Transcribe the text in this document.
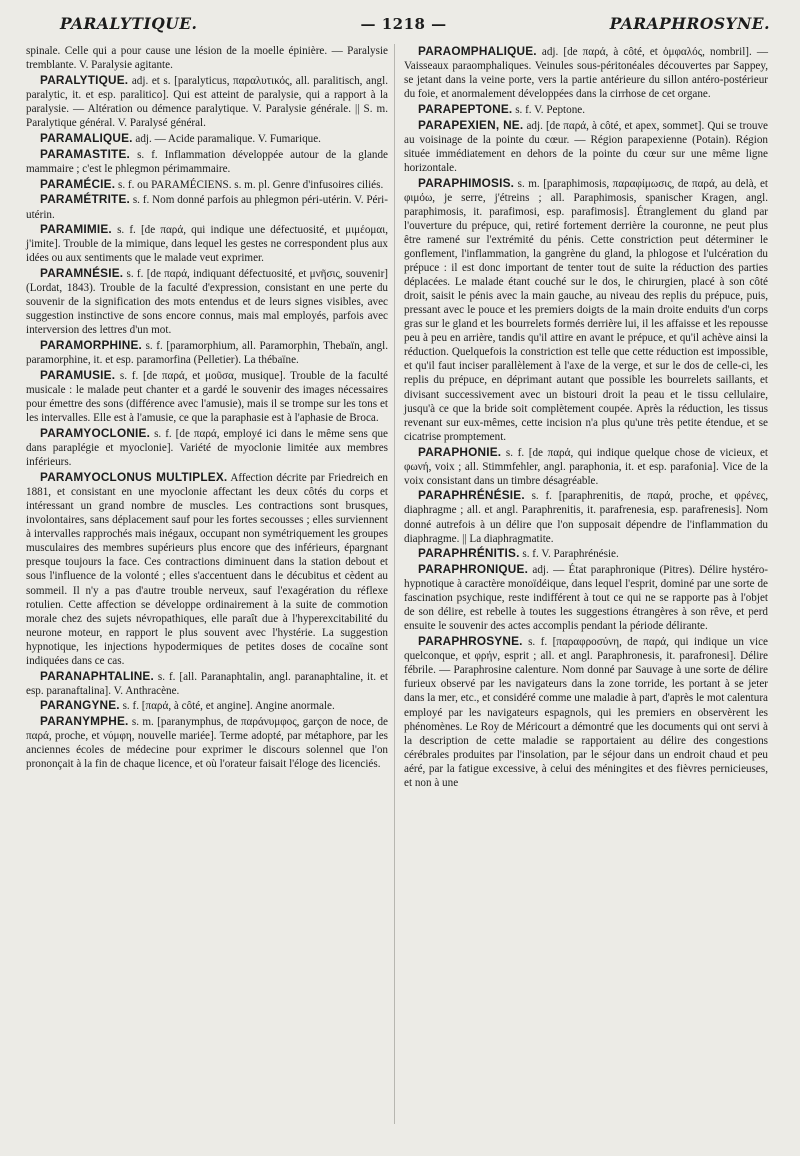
PARALYTIQUE.	— 1218 —	PARAPHROSYNE.

spinale. Celle qui a pour cause une lésion de la moelle épinière. — Paralysie tremblante. V. Paralysie agitante.

PARALYTIQUE. adj. et s. [paralyticus, παραλυτικός, all. paralitisch, angl. paralytic, it. et esp. paralitico]. Qui est atteint de paralysie, qui a rapport à la paralysie. — Altération ou démence paralytique. V. Paralysie générale. || S. m. Paralytique général. V. Paralysé général.

PARAMALIQUE. adj. — Acide paramalique. V. Fumarique.

PARAMASTITE. s. f. Inflammation développée autour de la glande mammaire ; c'est le phlegmon périmammaire.

PARAMÉCIE. s. f. ou PARAMÉCIENS. s. m. pl. Genre d'infusoires ciliés.

PARAMÉTRITE. s. f. Nom donné parfois au phlegmon péri-utérin. V. Péri-utérin.

PARAMIMIE. s. f. [de παρά, qui indique une défectuosité, et μιμέομαι, j'imite]. Trouble de la mimique, dans lequel les gestes ne correspondent plus aux idées ou aux sentiments que le malade veut exprimer.

PARAMNÉSIE. s. f. [de παρά, indiquant défectuosité, et μνῆσις, souvenir] (Lordat, 1843). Trouble de la faculté d'expression, consistant en une perte du souvenir de la signification des mots entendus et de leurs signes visibles, avec suggestion instinctive de sons encore connus, mais mal employés, parfois avec interversion des lettres d'un mot.

PARAMORPHINE. s. f. [paramorphium, all. Paramorphin, Thebaïn, angl. paramorphine, it. et esp. paramorfina (Pelletier). La thébaïne.

PARAMUSIE. s. f. [de παρά, et μοῦσα, musique]. Trouble de la faculté musicale : le malade peut chanter et a gardé le souvenir des images nécessaires pour émettre des sons (différence avec l'amusie), mais il se trompe sur les tons et les intervalles. Elle est à l'amusie, ce que la paraphasie est à l'aphasie de Broca.

PARAMYOCLONIE. s. f. [de παρά, employé ici dans le même sens que dans paraplégie et myoclonie]. Variété de myoclonie limitée aux membres inférieurs.

PARAMYOCLONUS MULTIPLEX. Affection décrite par Friedreich en 1881, et consistant en une myoclonie affectant les deux côtés du corps et intéressant un grand nombre de muscles. Les contractions sont brusques, involontaires, sans déplacement sauf pour les fortes secousses ; elles surviennent à intervalles rapprochés mais inégaux, occupant non symétriquement les groupes musculaires des membres supérieurs plus encore que des inférieurs, épargnant presque toujours la face. Ces contractions diminuent dans la station debout et sous l'influence de la volonté ; elles s'accentuent dans le décubitus et cèdent au sommeil. Il n'y a pas d'autre trouble nerveux, sauf l'exagération du réflexe rotulien. Cette affection se développe ordinairement à la suite de commotion morale chez des sujets névropathiques, elle paraît due à l'hyperexcitabilité du neurone moteur, en rapport le plus souvent avec l'hystérie. La suggestion hypnotique, les injections hypodermiques de petites doses de cocaïne sont indiquées dans ce cas.

PARANAPHTALINE. s. f. [all. Paranaphtalin, angl. paranaphtaline, it. et esp. paranaftalina]. V. Anthracène.

PARANGYNE. s. f. [παρά, à côté, et angine]. Angine anormale.

PARANYMPHE. s. m. [paranymphus, de παράνυμφος, garçon de noce, de παρά, proche, et νύμφη, nouvelle mariée]. Terme adopté, par métaphore, par les anciennes écoles de médecine pour exprimer le discours solennel que l'on prononçait à la fin de chaque licence, et où l'orateur faisait l'éloge des licenciés.

PARAOMPHALIQUE. adj. [de παρά, à côté, et ὀμφαλός, nombril]. — Vaisseaux paraomphaliques. Veinules sous-péritonéales découvertes par Sappey, se jetant dans la veine porte, vers la partie antérieure du sillon antéro-postérieur du foie, et anormalement développées dans la cirrhose de cet organe.

PARAPEPTONE. s. f. V. Peptone.

PARAPEXIEN, NE. adj. [de παρά, à côté, et apex, sommet]. Qui se trouve au voisinage de la pointe du cœur. — Région parapexienne (Potain). Région située immédiatement en dehors de la pointe du cœur sur une même ligne horizontale.

PARAPHIMOSIS. s. m. [paraphimosis, παραφίμωσις, de παρά, au delà, et φιμόω, je serre, j'étreins ; all. Paraphimosis, spanischer Kragen, angl. paraphimosis, it. parafimosi, esp. parafimosis]. Étranglement du gland par l'ouverture du prépuce, qui, retiré fortement derrière la couronne, ne peut plus être ramené sur l'extrémité du pénis. Cette constriction peut déterminer le gonflement, l'inflammation, la gangrène du gland, la phlogose et l'ulcération du prépuce : il est donc important de tenter tout de suite la réduction des parties déplacées. Le malade étant couché sur le dos, le chirurgien, placé à son côté droit, saisit le pénis avec la main gauche, au niveau des replis du prépuce, puis, pressant avec le pouce et les premiers doigts de la main droite enduits d'un corps gras sur le gland et les bourrelets formés derrière lui, il les affaisse et les repousse peu à peu en arrière, tandis qu'il attire en avant le prépuce, et qu'il achève ainsi la réduction. Quelquefois la constriction est telle que cette réduction est impossible, et qu'il faut inciser parallèlement à l'axe de la verge, et sur le dos de celle-ci, les replis du prépuce, en déprimant autant que possible les bourrelets saillants, et divisant successivement avec un bistouri droit la peau et le tissu cellulaire, jusqu'à ce que la bride soit complètement coupée. Après la réduction, les tissus revenant sur eux-mêmes, cette incision n'a plus qu'une très petite étendue, et se cicatrise promptement.

PARAPHONIE. s. f. [de παρά, qui indique quelque chose de vicieux, et φωνή, voix ; all. Stimmfehler, angl. paraphonia, it. et esp. parafonia]. Vice de la voix consistant dans un timbre désagréable.

PARAPHRÉNÉSIE. s. f. [paraphrenitis, de παρά, proche, et φρένες, diaphragme ; all. et angl. Paraphrenitis, it. parafrenesia, esp. parafrenesis]. Nom donné autrefois à un délire que l'on supposait dépendre de l'inflammation du diaphragme. || La diaphragmatite.

PARAPHRÉNITIS. s. f. V. Paraphrénésie.

PARAPHRONIQUE. adj. — État paraphronique (Pitres). Délire hystéro-hypnotique à caractère monoïdéique, dans lequel l'esprit, dominé par une sorte de fascination psychique, reste indifférent à tout ce qui ne se rapporte pas à l'objet de son délire, est rebelle à toutes les suggestions étrangères à son rêve, et perd ensuite le souvenir des actes accomplis pendant la période délirante.

PARAPHROSYNE. s. f. [παραφροσύνη, de παρά, qui indique un vice quelconque, et φρήν, esprit ; all. et angl. Paraphronesis, it. parafronesi]. Délire fébrile. — Paraphrosine calenture. Nom donné par Sauvage à une sorte de délire furieux observé par les navigateurs dans la zone torride, les portant à se jeter dans la mer, etc., et considéré comme une maladie à part, d'après le mot calentura employé par les navigateurs espagnols, qui les premiers en observèrent les phénomènes. Le Roy de Méricourt a démontré que les documents qui ont servi à la description de cette maladie se rapportaient au délire des congestions cérébrales produites par l'insolation, par le séjour dans un endroit chaud et peu aéré, par la fatigue excessive, à celui des méningites et des fièvres pernicieuses, et non à une
